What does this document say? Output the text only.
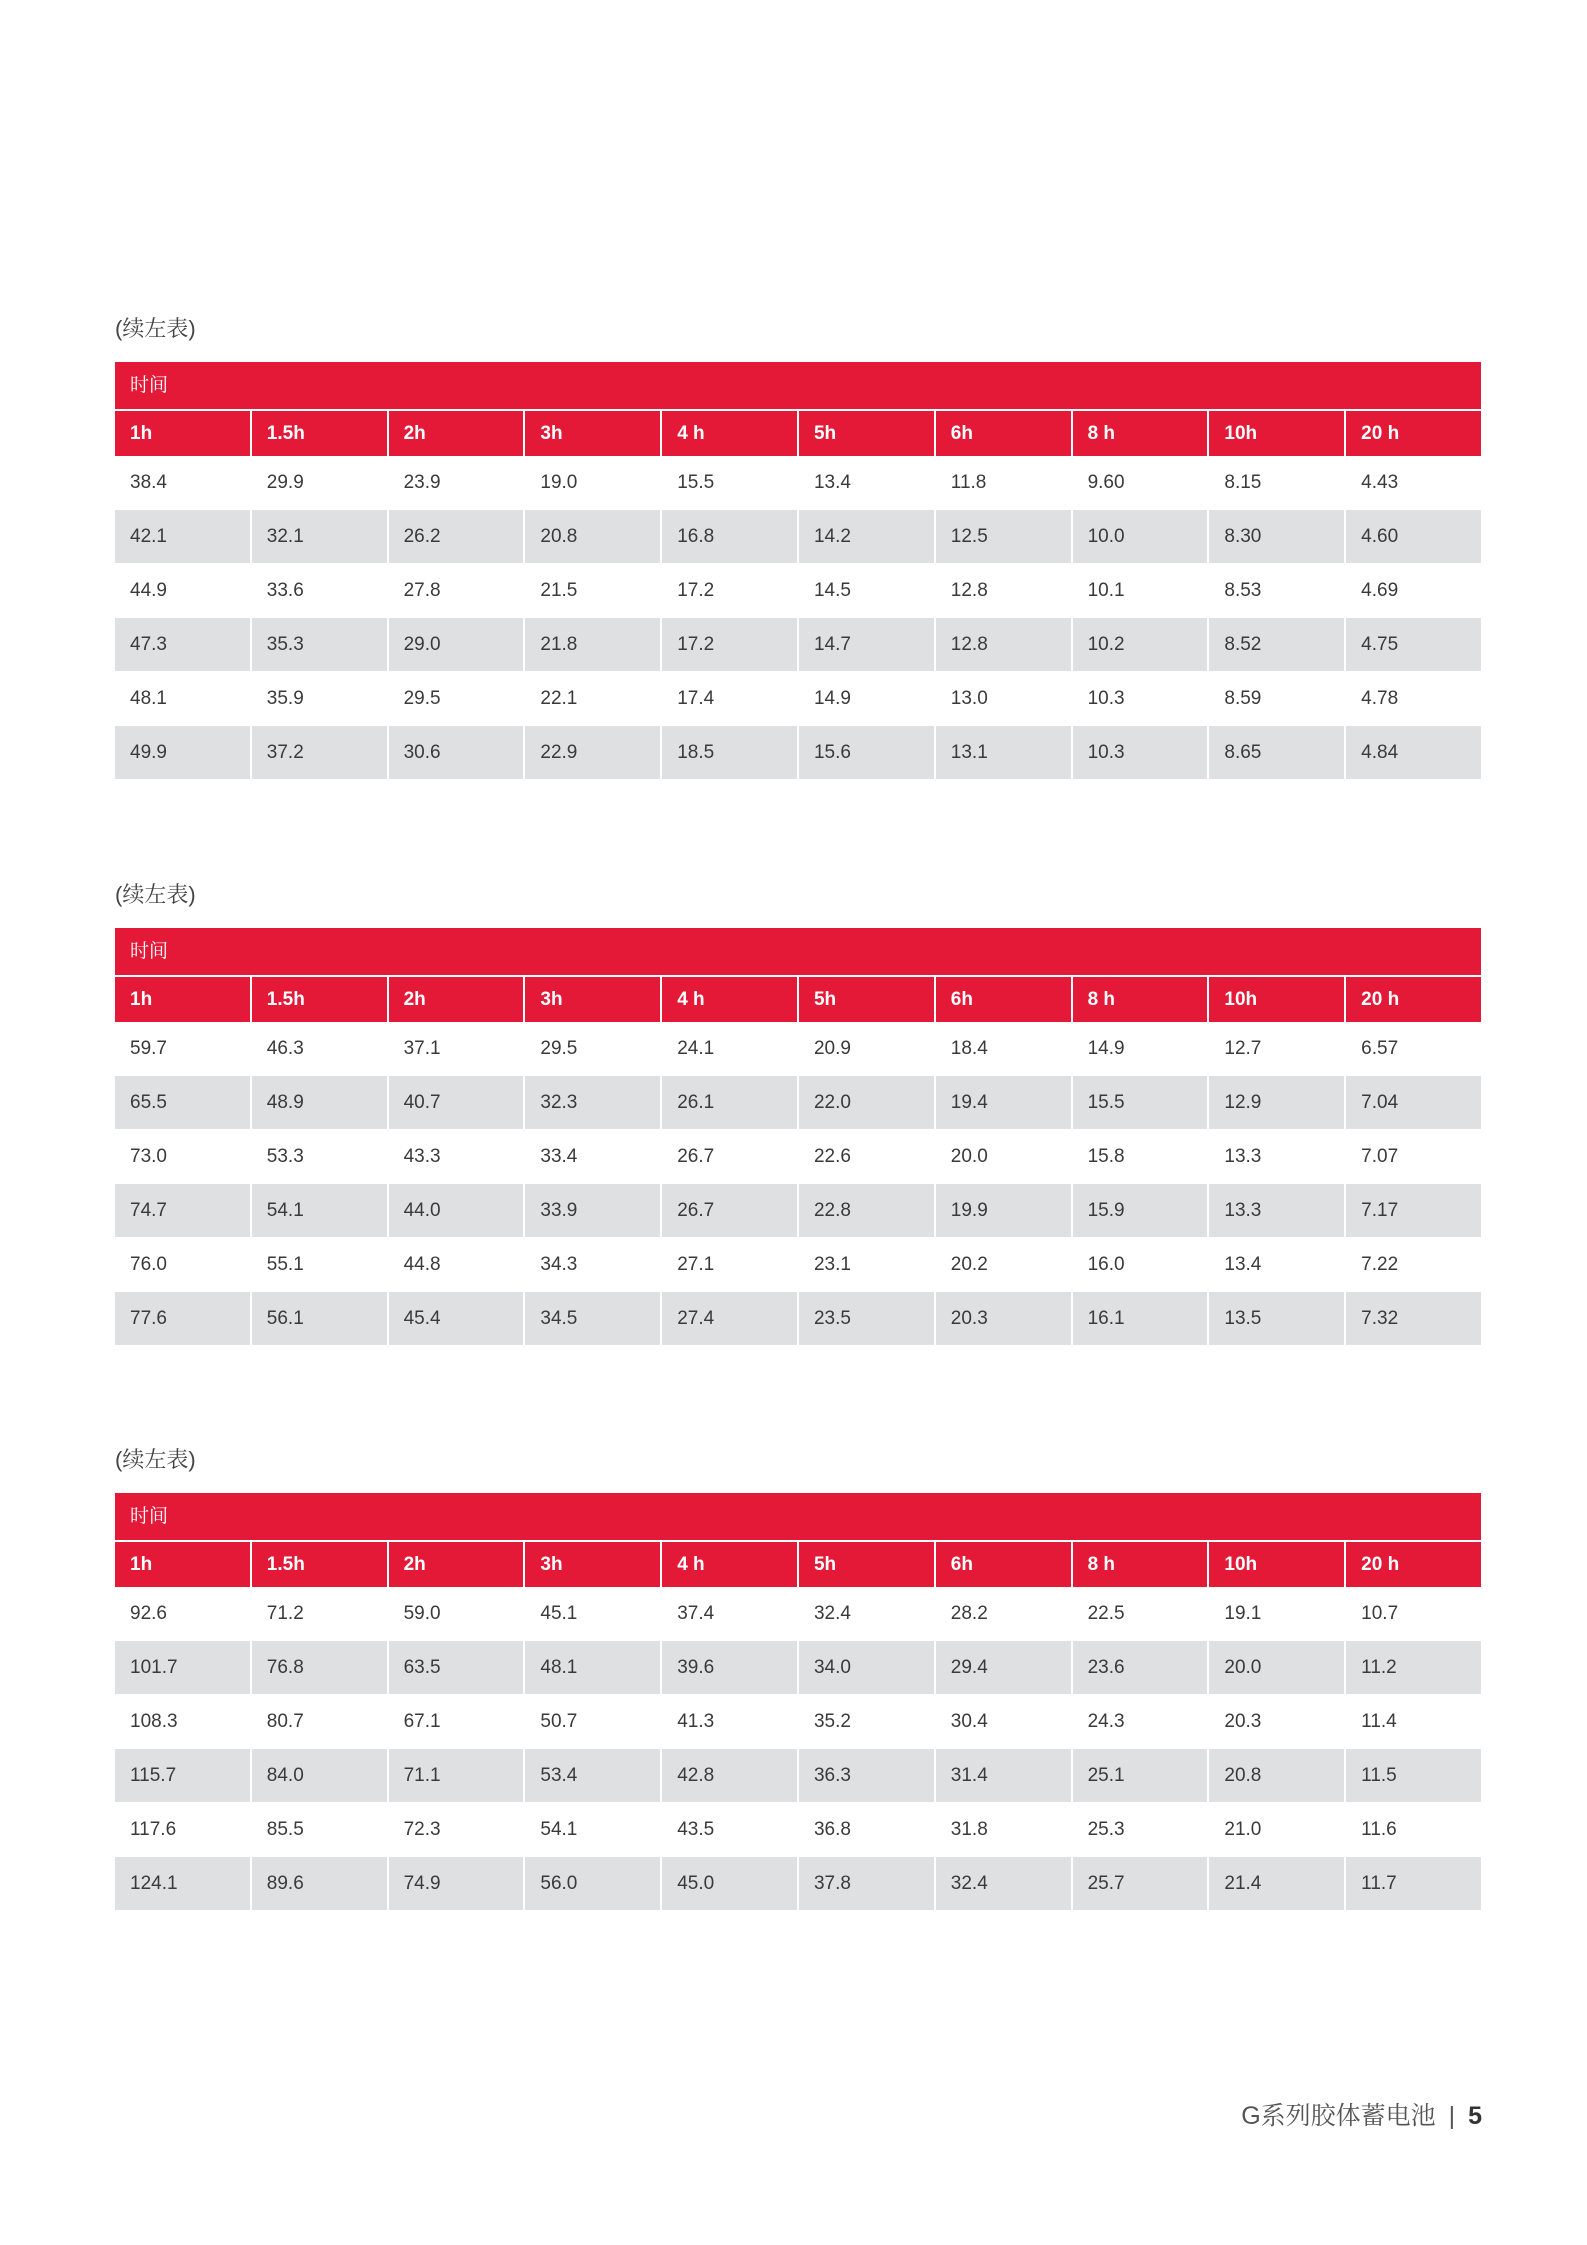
(续左表)
时间
1h	1.5h	2h	3h	4 h	5h	6h	8 h	10h	20 h
38.4	29.9	23.9	19.0	15.5	13.4	11.8	9.60	8.15	4.43
42.1	32.1	26.2	20.8	16.8	14.2	12.5	10.0	8.30	4.60
44.9	33.6	27.8	21.5	17.2	14.5	12.8	10.1	8.53	4.69
47.3	35.3	29.0	21.8	17.2	14.7	12.8	10.2	8.52	4.75
48.1	35.9	29.5	22.1	17.4	14.9	13.0	10.3	8.59	4.78
49.9	37.2	30.6	22.9	18.5	15.6	13.1	10.3	8.65	4.84
(续左表)
时间
1h	1.5h	2h	3h	4 h	5h	6h	8 h	10h	20 h
59.7	46.3	37.1	29.5	24.1	20.9	18.4	14.9	12.7	6.57
65.5	48.9	40.7	32.3	26.1	22.0	19.4	15.5	12.9	7.04
73.0	53.3	43.3	33.4	26.7	22.6	20.0	15.8	13.3	7.07
74.7	54.1	44.0	33.9	26.7	22.8	19.9	15.9	13.3	7.17
76.0	55.1	44.8	34.3	27.1	23.1	20.2	16.0	13.4	7.22
77.6	56.1	45.4	34.5	27.4	23.5	20.3	16.1	13.5	7.32
(续左表)
时间
1h	1.5h	2h	3h	4 h	5h	6h	8 h	10h	20 h
92.6	71.2	59.0	45.1	37.4	32.4	28.2	22.5	19.1	10.7
101.7	76.8	63.5	48.1	39.6	34.0	29.4	23.6	20.0	11.2
108.3	80.7	67.1	50.7	41.3	35.2	30.4	24.3	20.3	11.4
115.7	84.0	71.1	53.4	42.8	36.3	31.4	25.1	20.8	11.5
117.6	85.5	72.3	54.1	43.5	36.8	31.8	25.3	21.0	11.6
124.1	89.6	74.9	56.0	45.0	37.8	32.4	25.7	21.4	11.7
G系列胶体蓄电池 | 5
